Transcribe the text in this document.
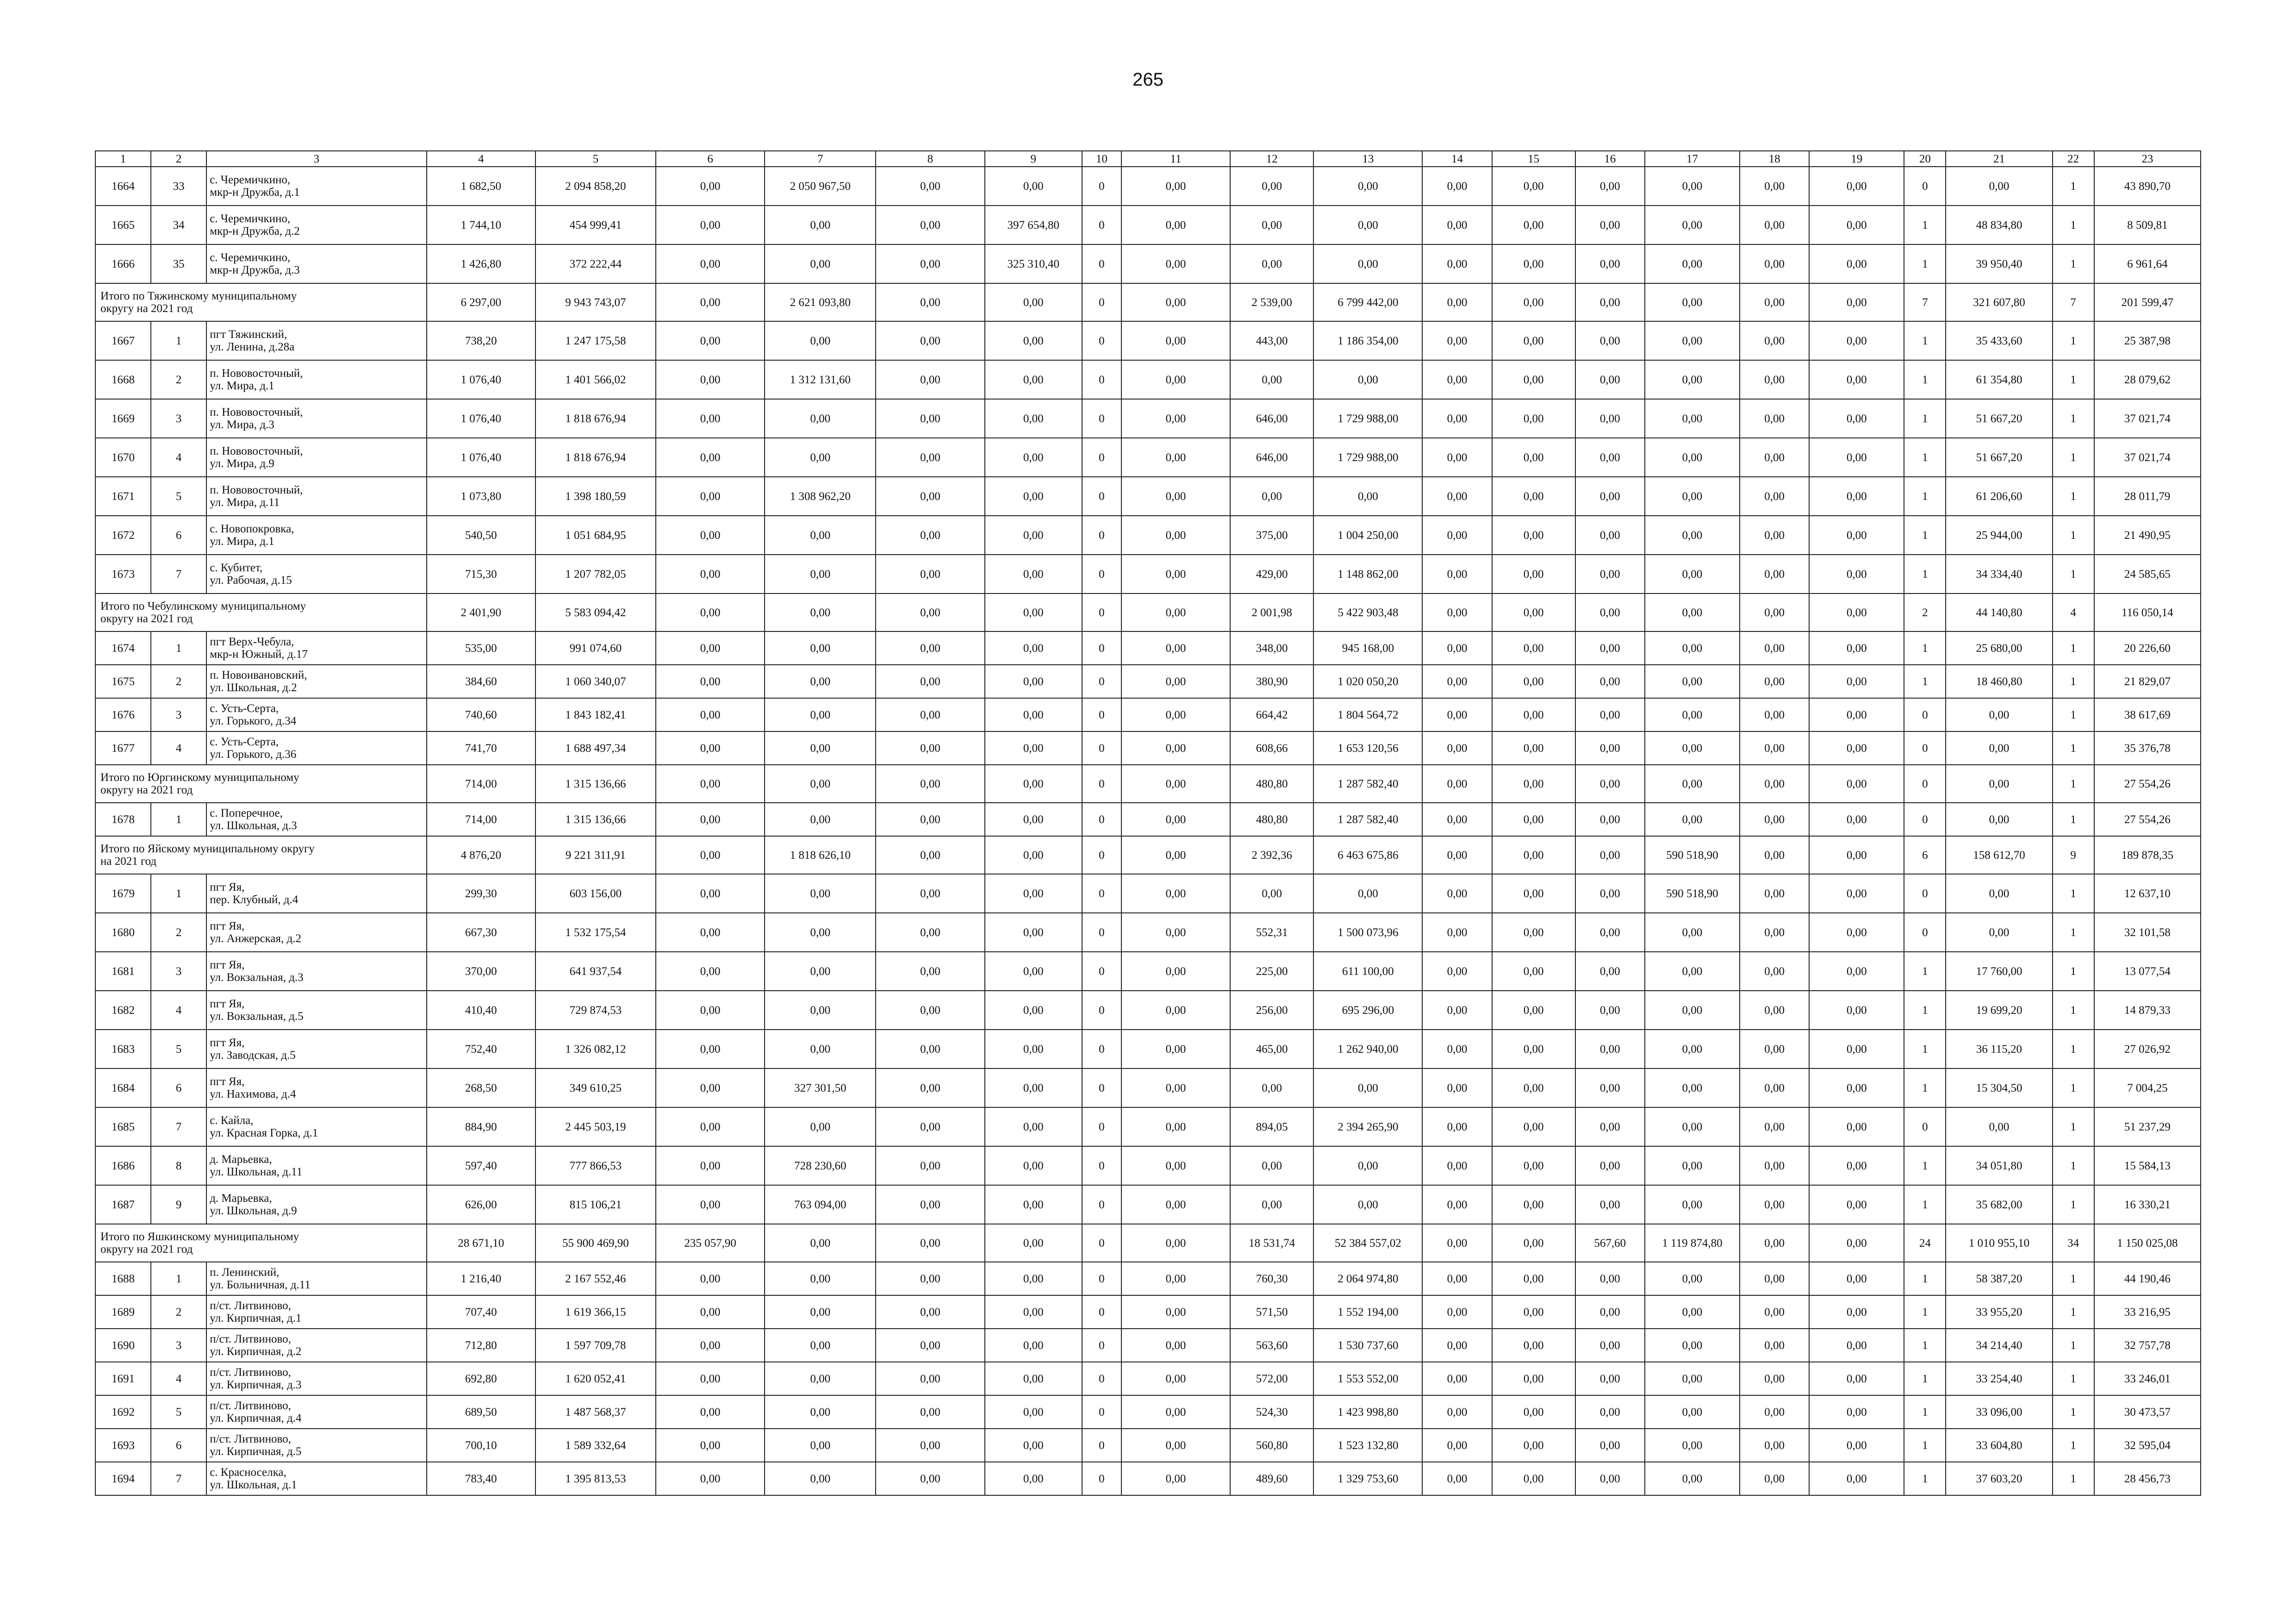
265
1	2	3	4	5	6	7	8	9	10	11	12	13	14	15	16	17	18	19	20	21	22	23
1664	33	с. Черемичкино,
мкр-н Дружба, д.1	1 682,50	2 094 858,20	0,00	2 050 967,50	0,00	0,00	0	0,00	0,00	0,00	0,00	0,00	0,00	0,00	0,00	0,00	0	0,00	1	43 890,70
1665	34	с. Черемичкино,
мкр-н Дружба, д.2	1 744,10	454 999,41	0,00	0,00	0,00	397 654,80	0	0,00	0,00	0,00	0,00	0,00	0,00	0,00	0,00	0,00	1	48 834,80	1	8 509,81
1666	35	с. Черемичкино,
мкр-н Дружба, д.3	1 426,80	372 222,44	0,00	0,00	0,00	325 310,40	0	0,00	0,00	0,00	0,00	0,00	0,00	0,00	0,00	0,00	1	39 950,40	1	6 961,64

Итого по Тяжинскому муниципальному
округу на 2021 год			6 297,00	9 943 743,07	0,00	2 621 093,80	0,00	0,00	0	0,00	2 539,00	6 799 442,00	0,00	0,00	0,00	0,00	0,00	0,00	7	321 607,80	7	201 599,47
1667	1	пгт Тяжинский,
ул. Ленина, д.28а	738,20	1 247 175,58	0,00	0,00	0,00	0,00	0	0,00	443,00	1 186 354,00	0,00	0,00	0,00	0,00	0,00	0,00	1	35 433,60	1	25 387,98
1668	2	п. Нововосточный,
ул. Мира, д.1	1 076,40	1 401 566,02	0,00	1 312 131,60	0,00	0,00	0	0,00	0,00	0,00	0,00	0,00	0,00	0,00	0,00	0,00	1	61 354,80	1	28 079,62
1669	3	п. Нововосточный,
ул. Мира, д.3	1 076,40	1 818 676,94	0,00	0,00	0,00	0,00	0	0,00	646,00	1 729 988,00	0,00	0,00	0,00	0,00	0,00	0,00	1	51 667,20	1	37 021,74
1670	4	п. Нововосточный,
ул. Мира, д.9	1 076,40	1 818 676,94	0,00	0,00	0,00	0,00	0	0,00	646,00	1 729 988,00	0,00	0,00	0,00	0,00	0,00	0,00	1	51 667,20	1	37 021,74
1671	5	п. Нововосточный,
ул. Мира, д.11	1 073,80	1 398 180,59	0,00	1 308 962,20	0,00	0,00	0	0,00	0,00	0,00	0,00	0,00	0,00	0,00	0,00	0,00	1	61 206,60	1	28 011,79
1672	6	с. Новопокровка,
ул. Мира, д.1	540,50	1 051 684,95	0,00	0,00	0,00	0,00	0	0,00	375,00	1 004 250,00	0,00	0,00	0,00	0,00	0,00	0,00	1	25 944,00	1	21 490,95
1673	7	с. Кубитет,
ул. Рабочая, д.15	715,30	1 207 782,05	0,00	0,00	0,00	0,00	0	0,00	429,00	1 148 862,00	0,00	0,00	0,00	0,00	0,00	0,00	1	34 334,40	1	24 585,65

Итого по Чебулинскому муниципальному
округу на 2021 год			2 401,90	5 583 094,42	0,00	0,00	0,00	0,00	0	0,00	2 001,98	5 422 903,48	0,00	0,00	0,00	0,00	0,00	0,00	2	44 140,80	4	116 050,14
1674	1	пгт Верх-Чебула,
мкр-н Южный, д.17	535,00	991 074,60	0,00	0,00	0,00	0,00	0	0,00	348,00	945 168,00	0,00	0,00	0,00	0,00	0,00	0,00	1	25 680,00	1	20 226,60
1675	2	п. Новоивановский,
ул. Школьная, д.2	384,60	1 060 340,07	0,00	0,00	0,00	0,00	0	0,00	380,90	1 020 050,20	0,00	0,00	0,00	0,00	0,00	0,00	1	18 460,80	1	21 829,07
1676	3	с. Усть-Серта,
ул. Горького, д.34	740,60	1 843 182,41	0,00	0,00	0,00	0,00	0	0,00	664,42	1 804 564,72	0,00	0,00	0,00	0,00	0,00	0,00	0	0,00	1	38 617,69
1677	4	с. Усть-Серта,
ул. Горького, д.36	741,70	1 688 497,34	0,00	0,00	0,00	0,00	0	0,00	608,66	1 653 120,56	0,00	0,00	0,00	0,00	0,00	0,00	0	0,00	1	35 376,78

Итого по Юргинскому муниципальному
округу на 2021 год			714,00	1 315 136,66	0,00	0,00	0,00	0,00	0	0,00	480,80	1 287 582,40	0,00	0,00	0,00	0,00	0,00	0,00	0	0,00	1	27 554,26
1678	1	с. Поперечное,
ул. Школьная, д.3	714,00	1 315 136,66	0,00	0,00	0,00	0,00	0	0,00	480,80	1 287 582,40	0,00	0,00	0,00	0,00	0,00	0,00	0	0,00	1	27 554,26

Итого по Яйскому муниципальному округу
на 2021 год			4 876,20	9 221 311,91	0,00	1 818 626,10	0,00	0,00	0	0,00	2 392,36	6 463 675,86	0,00	0,00	0,00	590 518,90	0,00	0,00	6	158 612,70	9	189 878,35
1679	1	пгт Яя,
пер. Клубный, д.4	299,30	603 156,00	0,00	0,00	0,00	0,00	0	0,00	0,00	0,00	0,00	0,00	0,00	590 518,90	0,00	0,00	0	0,00	1	12 637,10
1680	2	пгт Яя,
ул. Анжерская, д.2	667,30	1 532 175,54	0,00	0,00	0,00	0,00	0	0,00	552,31	1 500 073,96	0,00	0,00	0,00	0,00	0,00	0,00	0	0,00	1	32 101,58
1681	3	пгт Яя,
ул. Вокзальная, д.3	370,00	641 937,54	0,00	0,00	0,00	0,00	0	0,00	225,00	611 100,00	0,00	0,00	0,00	0,00	0,00	0,00	1	17 760,00	1	13 077,54
1682	4	пгт Яя,
ул. Вокзальная, д.5	410,40	729 874,53	0,00	0,00	0,00	0,00	0	0,00	256,00	695 296,00	0,00	0,00	0,00	0,00	0,00	0,00	1	19 699,20	1	14 879,33
1683	5	пгт Яя,
ул. Заводская, д.5	752,40	1 326 082,12	0,00	0,00	0,00	0,00	0	0,00	465,00	1 262 940,00	0,00	0,00	0,00	0,00	0,00	0,00	1	36 115,20	1	27 026,92
1684	6	пгт Яя,
ул. Нахимова, д.4	268,50	349 610,25	0,00	327 301,50	0,00	0,00	0	0,00	0,00	0,00	0,00	0,00	0,00	0,00	0,00	0,00	1	15 304,50	1	7 004,25
1685	7	с. Кайла,
ул. Красная Горка, д.1	884,90	2 445 503,19	0,00	0,00	0,00	0,00	0	0,00	894,05	2 394 265,90	0,00	0,00	0,00	0,00	0,00	0,00	0	0,00	1	51 237,29
1686	8	д. Марьевка,
ул. Школьная, д.11	597,40	777 866,53	0,00	728 230,60	0,00	0,00	0	0,00	0,00	0,00	0,00	0,00	0,00	0,00	0,00	0,00	1	34 051,80	1	15 584,13
1687	9	д. Марьевка,
ул. Школьная, д.9	626,00	815 106,21	0,00	763 094,00	0,00	0,00	0	0,00	0,00	0,00	0,00	0,00	0,00	0,00	0,00	0,00	1	35 682,00	1	16 330,21

Итого по Яшкинскому муниципальному
округу на 2021 год			28 671,10	55 900 469,90	235 057,90	0,00	0,00	0,00	0	0,00	18 531,74	52 384 557,02	0,00	0,00	567,60	1 119 874,80	0,00	0,00	24	1 010 955,10	34	1 150 025,08
1688	1	п. Ленинский,
ул. Больничная, д.11	1 216,40	2 167 552,46	0,00	0,00	0,00	0,00	0	0,00	760,30	2 064 974,80	0,00	0,00	0,00	0,00	0,00	0,00	1	58 387,20	1	44 190,46
1689	2	п/ст. Литвиново,
ул. Кирпичная, д.1	707,40	1 619 366,15	0,00	0,00	0,00	0,00	0	0,00	571,50	1 552 194,00	0,00	0,00	0,00	0,00	0,00	0,00	1	33 955,20	1	33 216,95
1690	3	п/ст. Литвиново,
ул. Кирпичная, д.2	712,80	1 597 709,78	0,00	0,00	0,00	0,00	0	0,00	563,60	1 530 737,60	0,00	0,00	0,00	0,00	0,00	0,00	1	34 214,40	1	32 757,78
1691	4	п/ст. Литвиново,
ул. Кирпичная, д.3	692,80	1 620 052,41	0,00	0,00	0,00	0,00	0	0,00	572,00	1 553 552,00	0,00	0,00	0,00	0,00	0,00	0,00	1	33 254,40	1	33 246,01
1692	5	п/ст. Литвиново,
ул. Кирпичная, д.4	689,50	1 487 568,37	0,00	0,00	0,00	0,00	0	0,00	524,30	1 423 998,80	0,00	0,00	0,00	0,00	0,00	0,00	1	33 096,00	1	30 473,57
1693	6	п/ст. Литвиново,
ул. Кирпичная, д.5	700,10	1 589 332,64	0,00	0,00	0,00	0,00	0	0,00	560,80	1 523 132,80	0,00	0,00	0,00	0,00	0,00	0,00	1	33 604,80	1	32 595,04
1694	7	с. Красноселка,
ул. Школьная, д.1	783,40	1 395 813,53	0,00	0,00	0,00	0,00	0	0,00	489,60	1 329 753,60	0,00	0,00	0,00	0,00	0,00	0,00	1	37 603,20	1	28 456,73
